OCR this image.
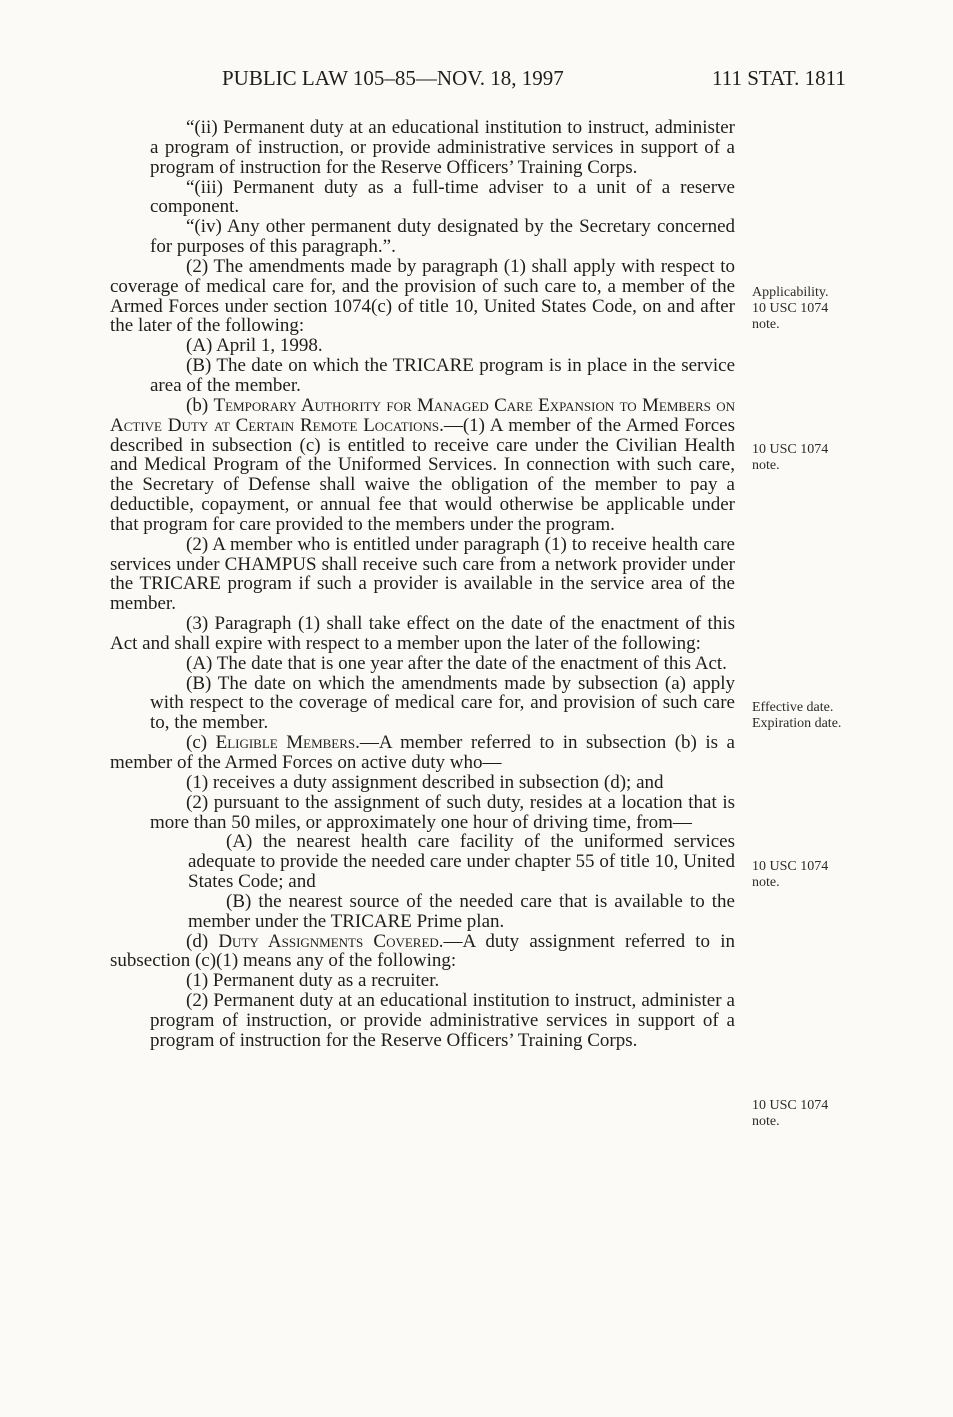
PUBLIC LAW 105–85—NOV. 18, 1997	111 STAT. 1811

“(ii) Permanent duty at an educational institution to instruct, administer a program of instruction, or provide administrative services in support of a program of instruction for the Reserve Officers’ Training Corps.

“(iii) Permanent duty as a full-time adviser to a unit of a reserve component.

“(iv) Any other permanent duty designated by the Secretary concerned for purposes of this paragraph.”.

(2) The amendments made by paragraph (1) shall apply with respect to coverage of medical care for, and the provision of such care to, a member of the Armed Forces under section 1074(c) of title 10, United States Code, on and after the later of the following:

(A) April 1, 1998.

(B) The date on which the TRICARE program is in place in the service area of the member.

(b) Temporary Authority for Managed Care Expansion to Members on Active Duty at Certain Remote Locations.—(1) A member of the Armed Forces described in subsection (c) is entitled to receive care under the Civilian Health and Medical Program of the Uniformed Services. In connection with such care, the Secretary of Defense shall waive the obligation of the member to pay a deductible, copayment, or annual fee that would otherwise be applicable under that program for care provided to the members under the program.

(2) A member who is entitled under paragraph (1) to receive health care services under CHAMPUS shall receive such care from a network provider under the TRICARE program if such a provider is available in the service area of the member.

(3) Paragraph (1) shall take effect on the date of the enactment of this Act and shall expire with respect to a member upon the later of the following:

(A) The date that is one year after the date of the enactment of this Act.

(B) The date on which the amendments made by subsection (a) apply with respect to the coverage of medical care for, and provision of such care to, the member.

(c) Eligible Members.—A member referred to in subsection (b) is a member of the Armed Forces on active duty who—

(1) receives a duty assignment described in subsection (d); and

(2) pursuant to the assignment of such duty, resides at a location that is more than 50 miles, or approximately one hour of driving time, from—

(A) the nearest health care facility of the uniformed services adequate to provide the needed care under chapter 55 of title 10, United States Code; and

(B) the nearest source of the needed care that is available to the member under the TRICARE Prime plan.

(d) Duty Assignments Covered.—A duty assignment referred to in subsection (c)(1) means any of the following:

(1) Permanent duty as a recruiter.

(2) Permanent duty at an educational institution to instruct, administer a program of instruction, or provide administrative services in support of a program of instruction for the Reserve Officers’ Training Corps.

Applicability.
10 USC 1074
note.
10 USC 1074
note.
Effective date.
Expiration date.
10 USC 1074
note.
10 USC 1074
note.
